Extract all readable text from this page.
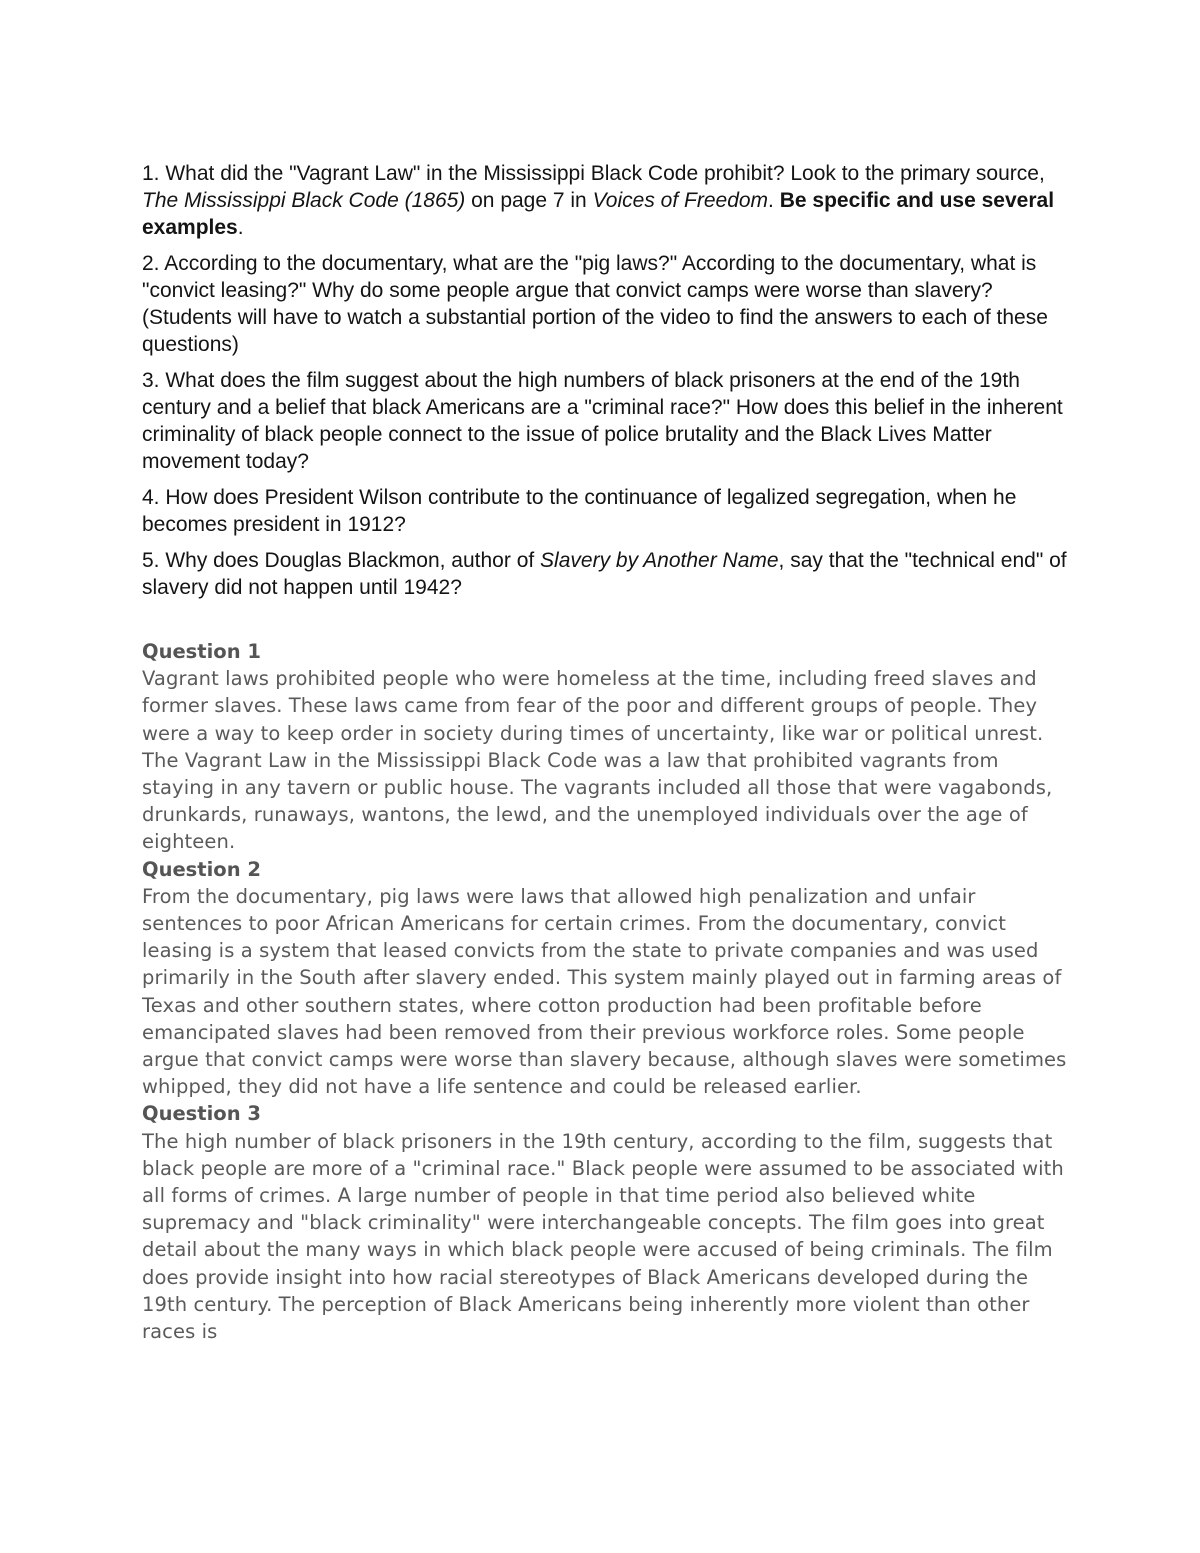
1. What did the "Vagrant Law" in the Mississippi Black Code prohibit? Look to the primary source, The Mississippi Black Code (1865) on page 7 in Voices of Freedom. Be specific and use several examples.

2. According to the documentary, what are the "pig laws?" According to the documentary, what is "convict leasing?" Why do some people argue that convict camps were worse than slavery? (Students will have to watch a substantial portion of the video to find the answers to each of these questions)

3. What does the film suggest about the high numbers of black prisoners at the end of the 19th century and a belief that black Americans are a "criminal race?" How does this belief in the inherent criminality of black people connect to the issue of police brutality and the Black Lives Matter movement today?

4. How does President Wilson contribute to the continuance of legalized segregation, when he becomes president in 1912?

5. Why does Douglas Blackmon, author of Slavery by Another Name, say that the "technical end" of slavery did not happen until 1942?

Question 1

Vagrant laws prohibited people who were homeless at the time, including freed slaves and former slaves. These laws came from fear of the poor and different groups of people. They were a way to keep order in society during times of uncertainty, like war or political unrest. The Vagrant Law in the Mississippi Black Code was a law that prohibited vagrants from staying in any tavern or public house. The vagrants included all those that were vagabonds, drunkards, runaways, wantons, the lewd, and the unemployed individuals over the age of eighteen.

Question 2

From the documentary, pig laws were laws that allowed high penalization and unfair sentences to poor African Americans for certain crimes. From the documentary, convict leasing is a system that leased convicts from the state to private companies and was used primarily in the South after slavery ended. This system mainly played out in farming areas of Texas and other southern states, where cotton production had been profitable before emancipated slaves had been removed from their previous workforce roles. Some people argue that convict camps were worse than slavery because, although slaves were sometimes whipped, they did not have a life sentence and could be released earlier.

Question 3

The high number of black prisoners in the 19th century, according to the film, suggests that black people are more of a "criminal race." Black people were assumed to be associated with all forms of crimes. A large number of people in that time period also believed white supremacy and "black criminality" were interchangeable concepts. The film goes into great detail about the many ways in which black people were accused of being criminals. The film does provide insight into how racial stereotypes of Black Americans developed during the 19th century. The perception of Black Americans being inherently more violent than other races is
